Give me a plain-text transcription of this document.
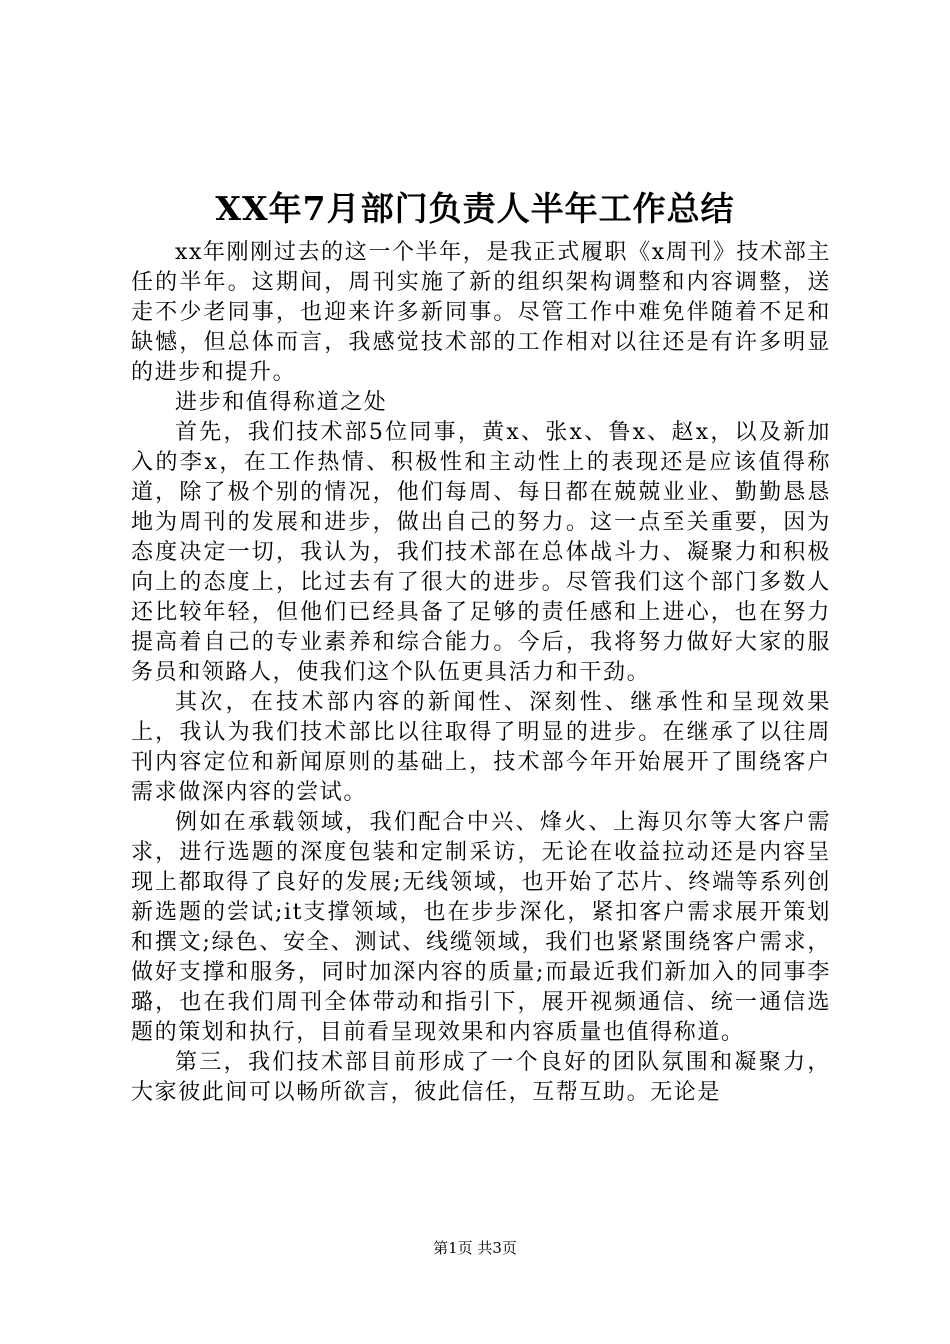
XX年7月部门负责人半年工作总结

xx年刚刚过去的这一个半年，是我正式履职《x周刊》技术部主任的半年。这期间，周刊实施了新的组织架构调整和内容调整，送走不少老同事，也迎来许多新同事。尽管工作中难免伴随着不足和缺憾，但总体而言，我感觉技术部的工作相对以往还是有许多明显的进步和提升。

进步和值得称道之处

首先，我们技术部5位同事，黄x、张x、鲁x、赵x，以及新加入的李x，在工作热情、积极性和主动性上的表现还是应该值得称道，除了极个别的情况，他们每周、每日都在兢兢业业、勤勤恳恳地为周刊的发展和进步，做出自己的努力。这一点至关重要，因为态度决定一切，我认为，我们技术部在总体战斗力、凝聚力和积极向上的态度上，比过去有了很大的进步。尽管我们这个部门多数人还比较年轻，但他们已经具备了足够的责任感和上进心，也在努力提高着自己的专业素养和综合能力。今后，我将努力做好大家的服务员和领路人，使我们这个队伍更具活力和干劲。

其次，在技术部内容的新闻性、深刻性、继承性和呈现效果上，我认为我们技术部比以往取得了明显的进步。在继承了以往周刊内容定位和新闻原则的基础上，技术部今年开始展开了围绕客户需求做深内容的尝试。

例如在承载领域，我们配合中兴、烽火、上海贝尔等大客户需求，进行选题的深度包装和定制采访，无论在收益拉动还是内容呈现上都取得了良好的发展;无线领域，也开始了芯片、终端等系列创新选题的尝试;it支撑领域，也在步步深化，紧扣客户需求展开策划和撰文;绿色、安全、测试、线缆领域，我们也紧紧围绕客户需求，做好支撑和服务，同时加深内容的质量;而最近我们新加入的同事李璐，也在我们周刊全体带动和指引下，展开视频通信、统一通信选题的策划和执行，目前看呈现效果和内容质量也值得称道。

第三，我们技术部目前形成了一个良好的团队氛围和凝聚力，大家彼此间可以畅所欲言，彼此信任，互帮互助。无论是

第1页 共3页
